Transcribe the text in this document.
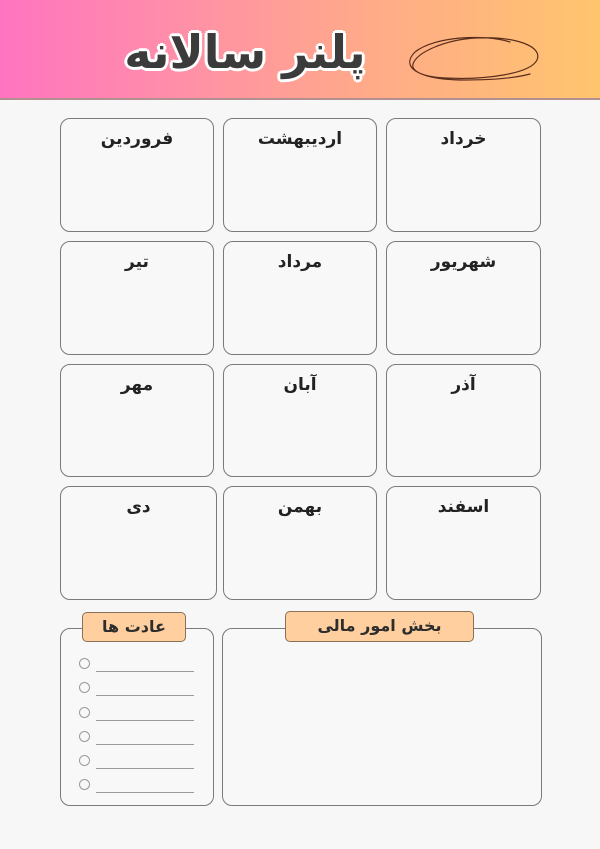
پلنر سالانه
خرداد
اردیبهشت
فروردین
شهریور
مرداد
تیر
آذر
آبان
مهر
اسفند
بهمن
دی
عادت ها	بخش امور مالی
